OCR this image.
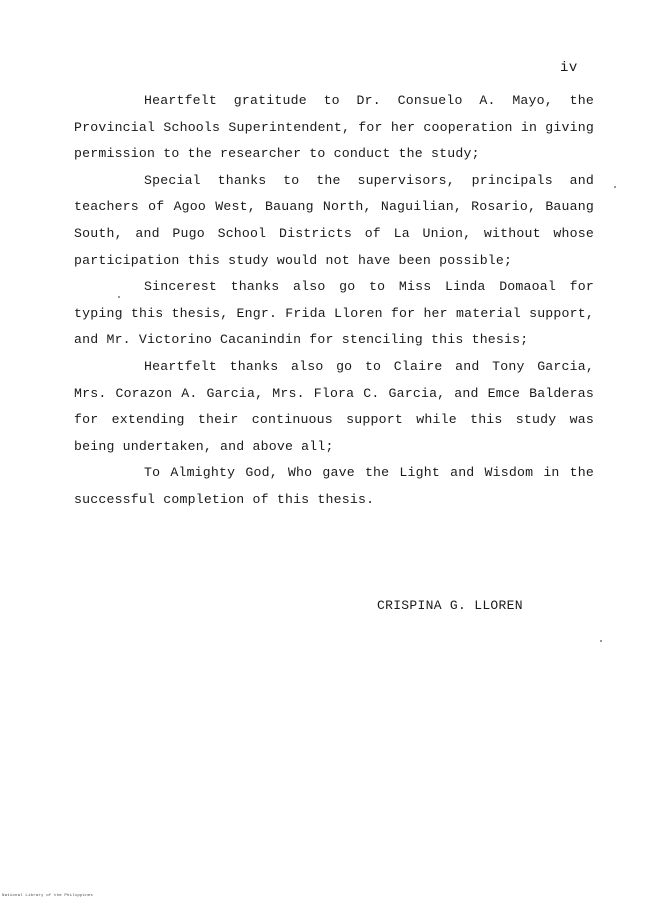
iv

Heartfelt gratitude to Dr. Consuelo A. Mayo, the Provincial Schools Superintendent, for her cooperation in giving permission to the researcher to conduct the study;

Special thanks to the supervisors, principals and teachers of Agoo West, Bauang North, Naguilian, Rosario, Bauang South, and Pugo School Districts of La Union, without whose participation this study would not have been possible;

Sincerest thanks also go to Miss Linda Domaoal for typing this thesis, Engr. Frida Lloren for her material support, and Mr. Victorino Cacanindin for stenciling this thesis;

Heartfelt thanks also go to Claire and Tony Garcia, Mrs. Corazon A. Garcia, Mrs. Flora C. Garcia, and Emce Balderas for extending their continuous support while this study was being undertaken, and above all;

To Almighty God, Who gave the Light and Wisdom in the successful completion of this thesis.

CRISPINA G. LLOREN
National Library of the Philippines
